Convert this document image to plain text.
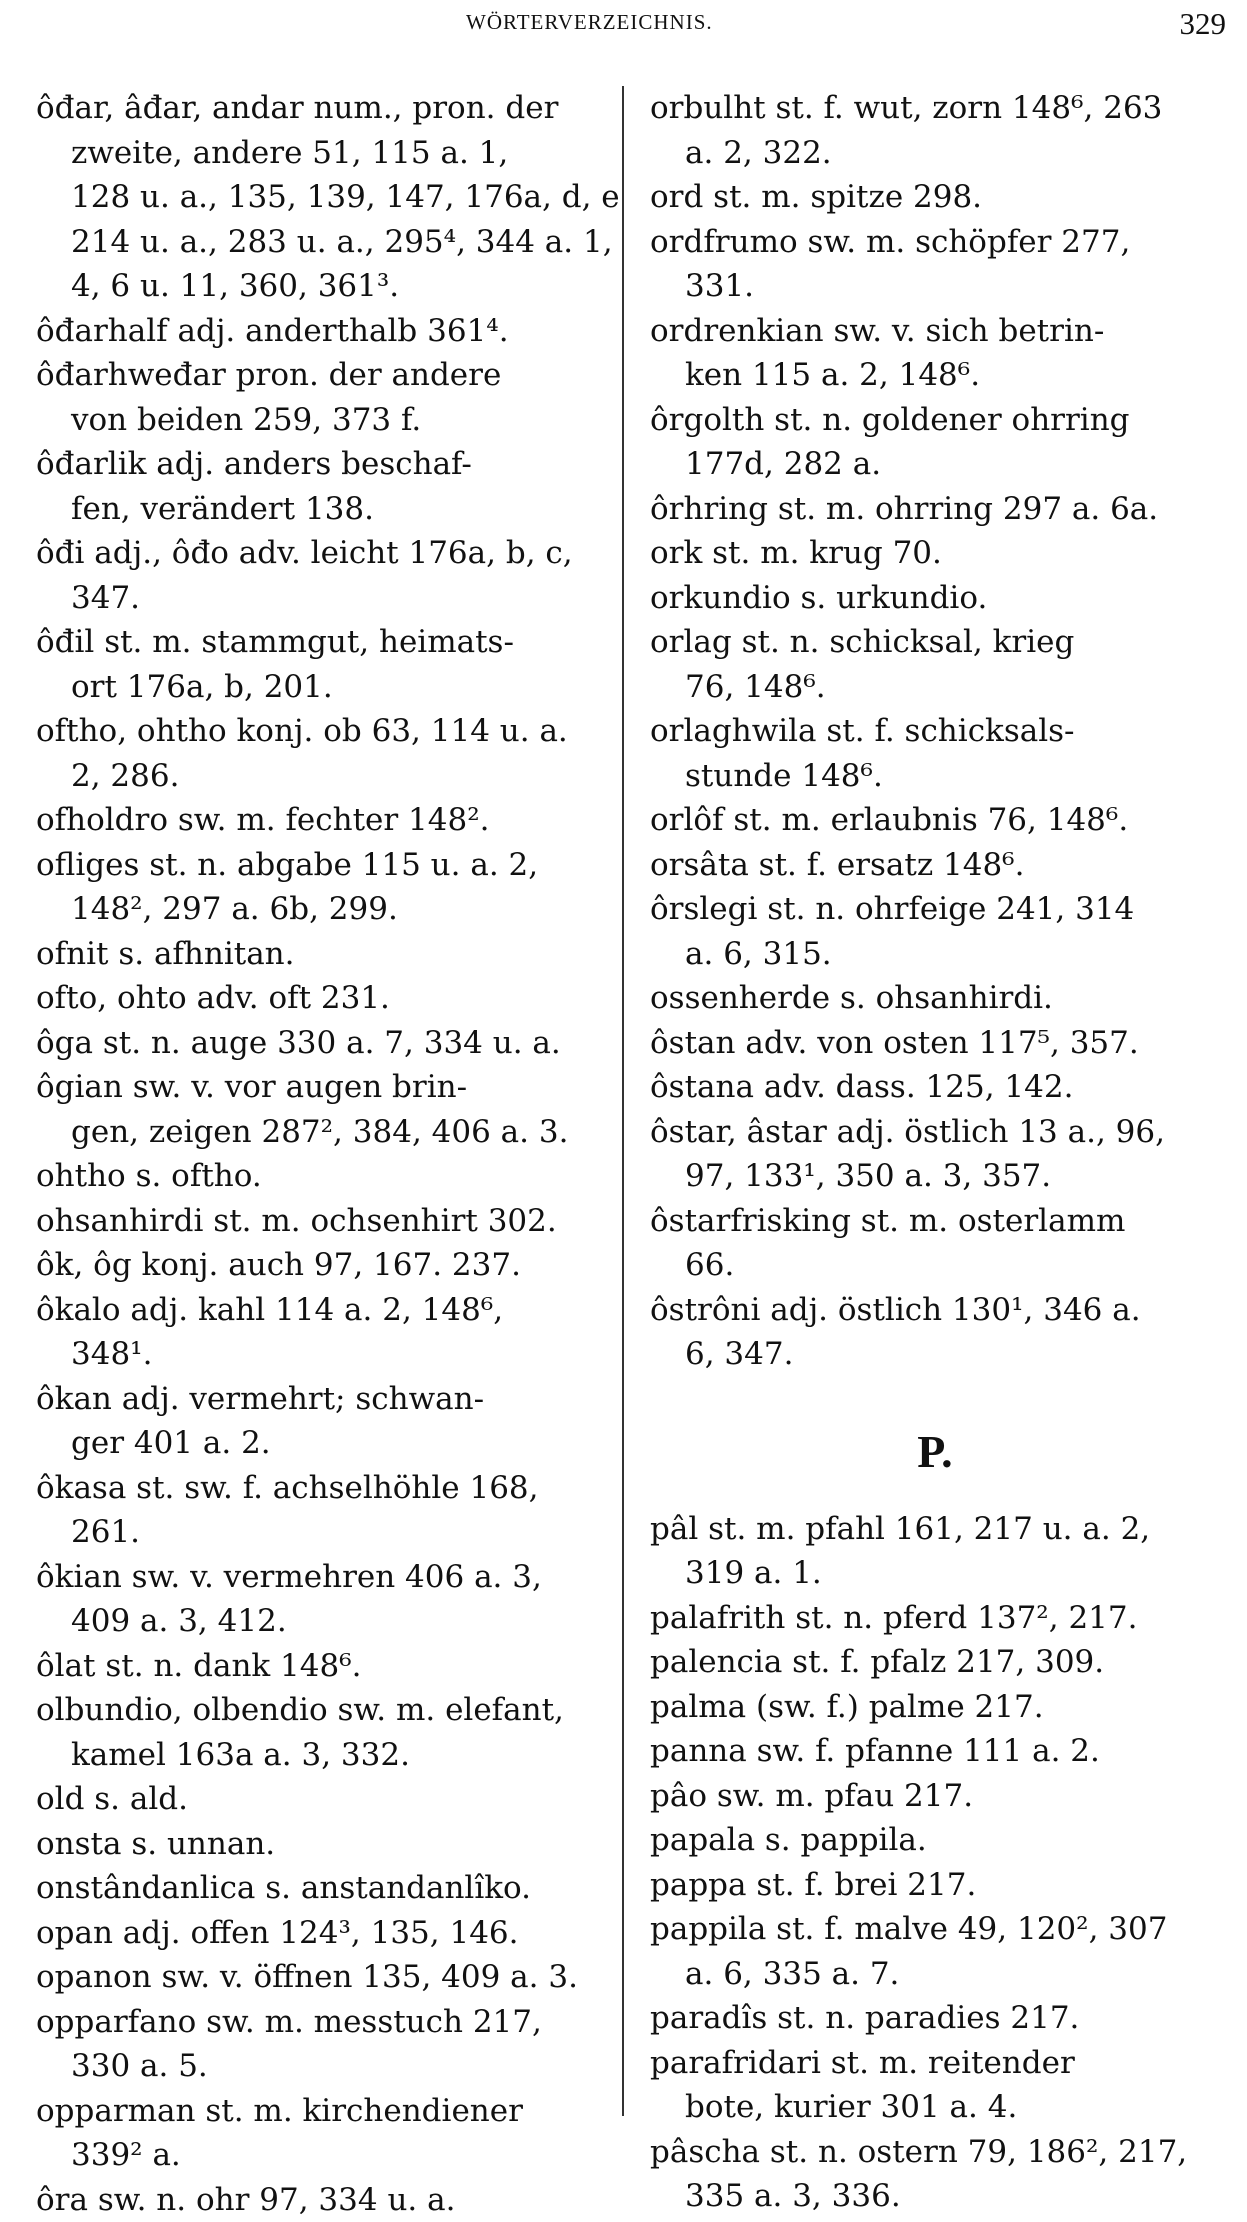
WÖRTERVERZEICHNIS.	329

ôđar, âđar, andar num., pron. der
zweite, andere 51, 115 a. 1,
128 u. a., 135, 139, 147, 176a, d, e
214 u. a., 283 u. a., 295⁴, 344 a. 1,
4, 6 u. 11, 360, 361³.

ôđarhalf adj. anderthalb 361⁴.

ôđarhweđar pron. der andere
von beiden 259, 373 f.

ôđarlik adj. anders beschaf-
fen, verändert 138.

ôđi adj., ôđo adv. leicht 176a, b, c,
347.

ôđil st. m. stammgut, heimats-
ort 176a, b, 201.

oftho, ohtho konj. ob 63, 114 u. a.
2, 286.

ofholdro sw. m. fechter 148².

ofliges st. n. abgabe 115 u. a. 2,
148², 297 a. 6b, 299.

ofnit s. afhnitan.

ofto, ohto adv. oft 231.

ôga st. n. auge 330 a. 7, 334 u. a.

ôgian sw. v. vor augen brin-
gen, zeigen 287², 384, 406 a. 3.

ohtho s. oftho.

ohsanhirdi st. m. ochsenhirt 302.

ôk, ôg konj. auch 97, 167. 237.

ôkalo adj. kahl 114 a. 2, 148⁶,
348¹.

ôkan adj. vermehrt; schwan-
ger 401 a. 2.

ôkasa st. sw. f. achselhöhle 168,
261.

ôkian sw. v. vermehren 406 a. 3,
409 a. 3, 412.

ôlat st. n. dank 148⁶.

olbundio, olbendio sw. m. elefant,
kamel 163a a. 3, 332.

old s. ald.

onsta s. unnan.

onstândanlica s. anstandanlîko.

opan adj. offen 124³, 135, 146.

opanon sw. v. öffnen 135, 409 a. 3.

opparfano sw. m. messtuch 217,
330 a. 5.

opparman st. m. kirchendiener
339² a.

ôra sw. n. ohr 97, 334 u. a.

orbulht st. f. wut, zorn 148⁶, 263
a. 2, 322.

ord st. m. spitze 298.

ordfrumo sw. m. schöpfer 277,
331.

ordrenkian sw. v. sich betrin-
ken 115 a. 2, 148⁶.

ôrgolth st. n. goldener ohrring
177d, 282 a.

ôrhring st. m. ohrring 297 a. 6a.

ork st. m. krug 70.

orkundio s. urkundio.

orlag st. n. schicksal, krieg
76, 148⁶.

orlaghwila st. f. schicksals-
stunde 148⁶.

orlôf st. m. erlaubnis 76, 148⁶.

orsâta st. f. ersatz 148⁶.

ôrslegi st. n. ohrfeige 241, 314
a. 6, 315.

ossenherde s. ohsanhirdi.

ôstan adv. von osten 117⁵, 357.

ôstana adv. dass. 125, 142.

ôstar, âstar adj. östlich 13 a., 96,
97, 133¹, 350 a. 3, 357.

ôstarfrisking st. m. osterlamm
66.

ôstrôni adj. östlich 130¹, 346 a.
6, 347.

P.

pâl st. m. pfahl 161, 217 u. a. 2,
319 a. 1.

palafrith st. n. pferd 137², 217.

palencia st. f. pfalz 217, 309.

palma (sw. f.) palme 217.

panna sw. f. pfanne 111 a. 2.

pâo sw. m. pfau 217.

papala s. pappila.

pappa st. f. brei 217.

pappila st. f. malve 49, 120², 307
a. 6, 335 a. 7.

paradîs st. n. paradies 217.

parafridari st. m. reitender
bote, kurier 301 a. 4.

pâscha st. n. ostern 79, 186², 217,
335 a. 3, 336.
